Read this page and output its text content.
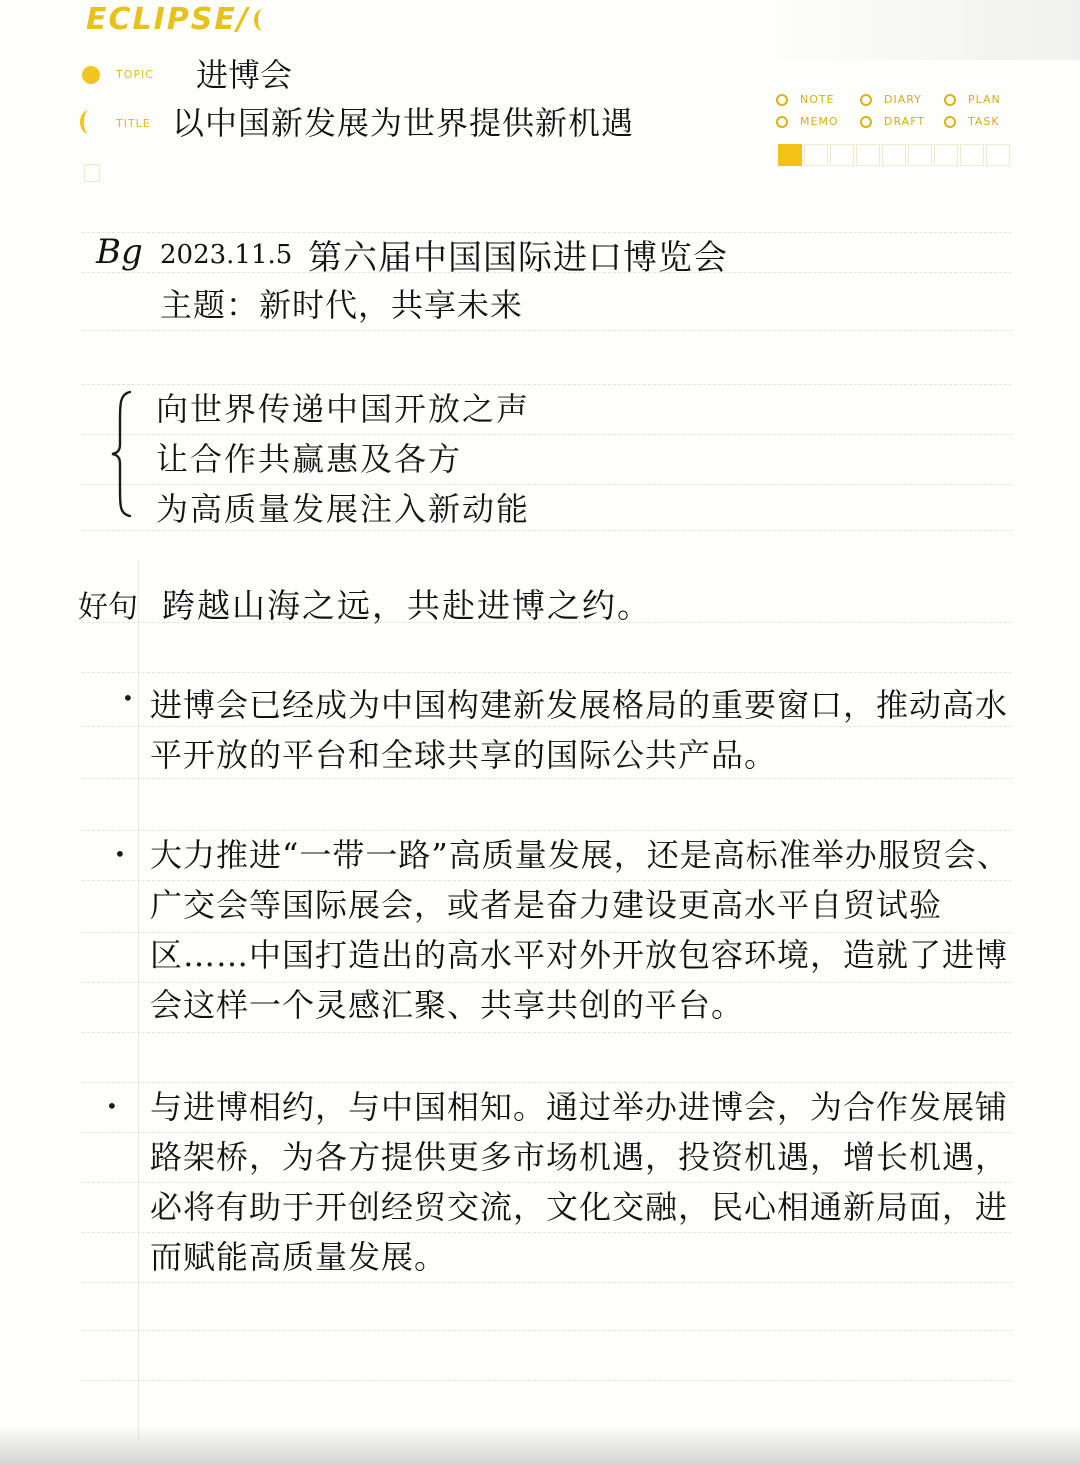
ECLIPSE/
TOPIC 进博会
TITLE 以中国新发展为世界提供新机遇
NOTE	DIARY	PLAN
MEMO	DRAFT	TASK
Bg 2023.11.5 第六届中国国际进口博览会
主题：新时代，共享未来
向世界传递中国开放之声
让合作共赢惠及各方
为高质量发展注入新动能
好句 跨越山海之远，共赴进博之约。
• 进博会已经成为中国构建新发展格局的重要窗口，推动高水平开放的平台和全球共享的国际公共产品。
• 大力推进“一带一路”高质量发展，还是高标准举办服贸会、广交会等国际展会，或者是奋力建设更高水平自贸试验区……中国打造出的高水平对外开放包容环境，造就了进博会这样一个灵感汇聚、共享共创的平台。
• 与进博相约，与中国相知。通过举办进博会，为合作发展铺路架桥，为各方提供更多市场机遇，投资机遇，增长机遇，必将有助于开创经贸交流，文化交融，民心相通新局面，进而赋能高质量发展。
